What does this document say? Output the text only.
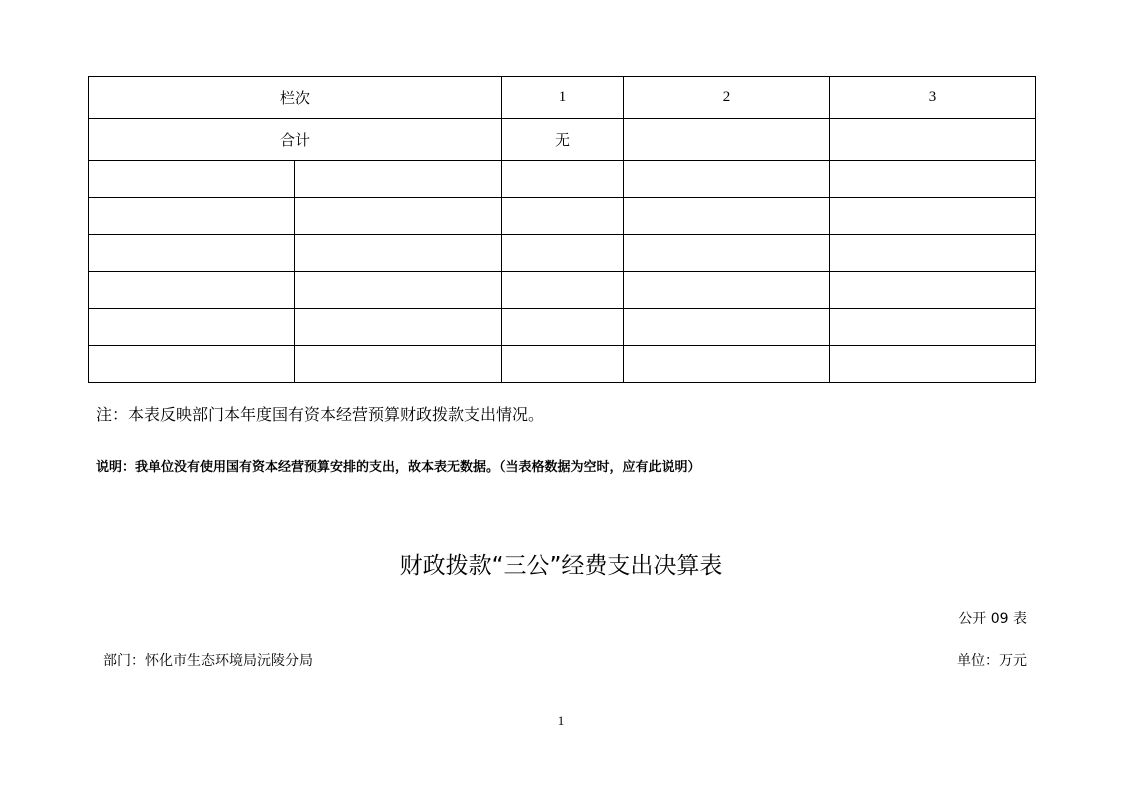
栏次		1	2	3
合计		无		

注：本表反映部门本年度国有资本经营预算财政拨款支出情况。
说明：我单位没有使用国有资本经营预算安排的支出，故本表无数据。（当表格数据为空时，应有此说明）
财政拨款“三公”经费支出决算表
公开 09 表
部门：怀化市生态环境局沅陵分局	单位：万元
1
